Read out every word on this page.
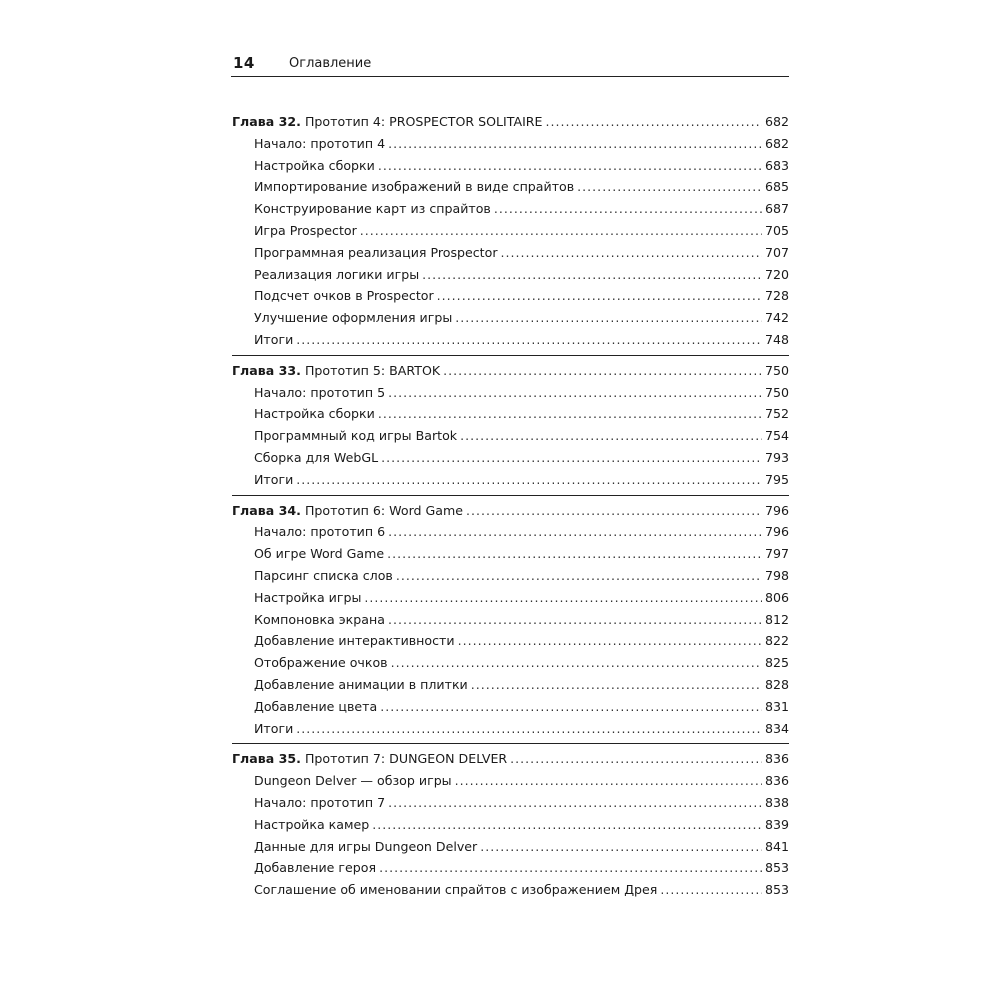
14	Оглавление
Глава 32. Прототип 4: PROSPECTOR SOLITAIRE .....	682
Начало: прототип 4 .....	682
Настройка сборки .....	683
Импортирование изображений в виде спрайтов .....	685
Конструирование карт из спрайтов .....	687
Игра Prospector .....	705
Программная реализация Prospector .....	707
Реализация логики игры .....	720
Подсчет очков в Prospector .....	728
Улучшение оформления игры .....	742
Итоги .....	748
Глава 33. Прототип 5: BARTOK .....	750
Начало: прототип 5 .....	750
Настройка сборки .....	752
Программный код игры Bartok .....	754
Сборка для WebGL .....	793
Итоги .....	795
Глава 34. Прототип 6: Word Game .....	796
Начало: прототип 6 .....	796
Об игре Word Game .....	797
Парсинг списка слов .....	798
Настройка игры .....	806
Компоновка экрана .....	812
Добавление интерактивности .....	822
Отображение очков .....	825
Добавление анимации в плитки .....	828
Добавление цвета .....	831
Итоги .....	834
Глава 35. Прототип 7: DUNGEON DELVER .....	836
Dungeon Delver — обзор игры .....	836
Начало: прототип 7 .....	838
Настройка камер .....	839
Данные для игры Dungeon Delver .....	841
Добавление героя .....	853
Соглашение об именовании спрайтов с изображением Дрея .....	853
